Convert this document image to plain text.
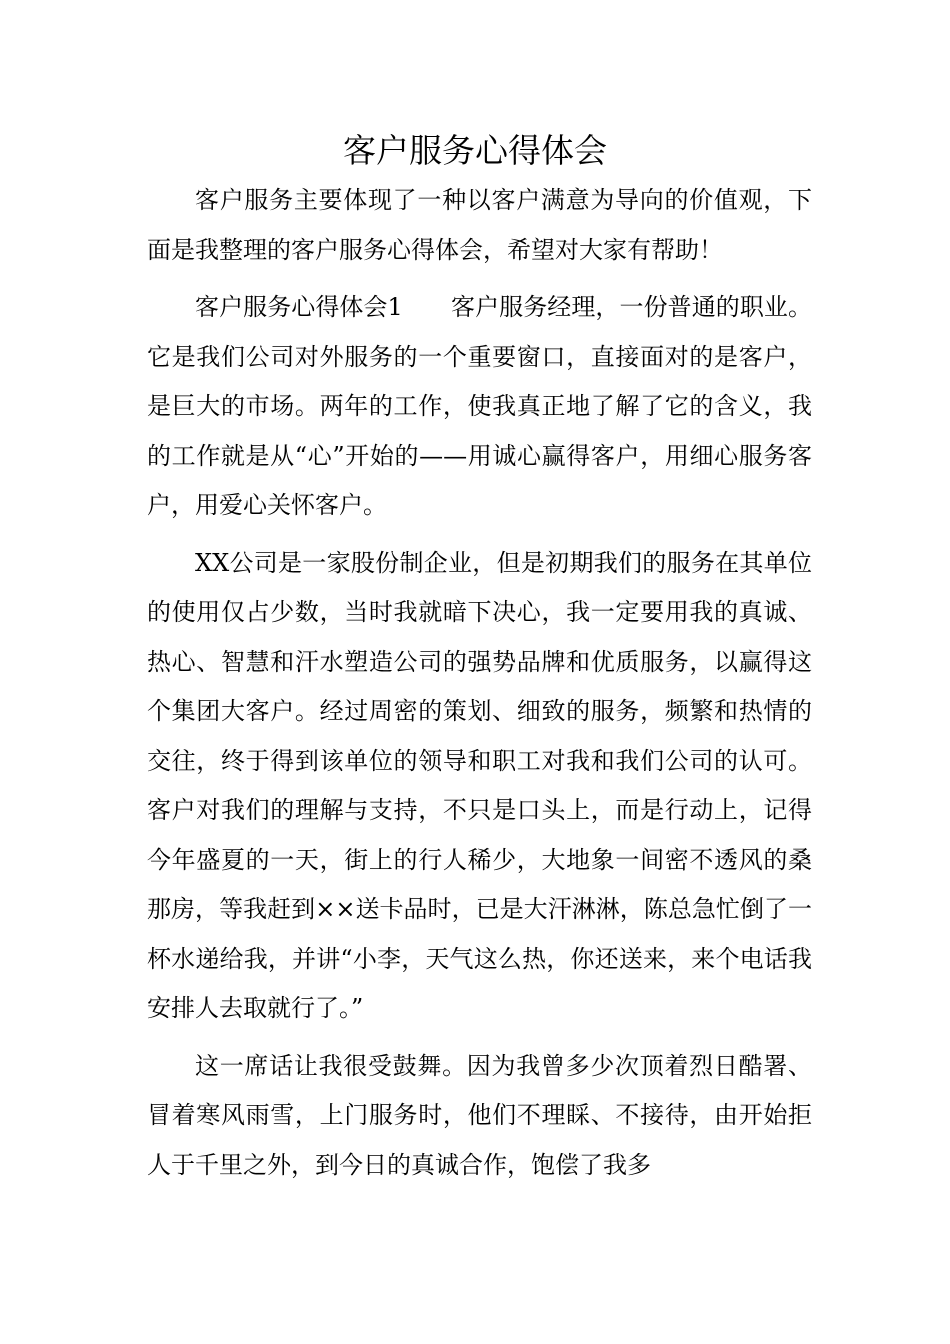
客户服务心得体会

客户服务主要体现了一种以客户满意为导向的价值观，下面是我整理的客户服务心得体会，希望对大家有帮助！

客户服务心得体会1　　客户服务经理，一份普通的职业。它是我们公司对外服务的一个重要窗口，直接面对的是客户，是巨大的市场。两年的工作，使我真正地了解了它的含义，我的工作就是从“心”开始的——用诚心赢得客户，用细心服务客户，用爱心关怀客户。

XX公司是一家股份制企业，但是初期我们的服务在其单位的使用仅占少数，当时我就暗下决心，我一定要用我的真诚、热心、智慧和汗水塑造公司的强势品牌和优质服务，以赢得这个集团大客户。经过周密的策划、细致的服务，频繁和热情的交往，终于得到该单位的领导和职工对我和我们公司的认可。客户对我们的理解与支持，不只是口头上，而是行动上，记得今年盛夏的一天，街上的行人稀少，大地象一间密不透风的桑那房，等我赶到××送卡品时，已是大汗淋淋，陈总急忙倒了一杯水递给我，并讲“小李，天气这么热，你还送来，来个电话我安排人去取就行了。”

这一席话让我很受鼓舞。因为我曾多少次顶着烈日酷署、冒着寒风雨雪，上门服务时，他们不理睬、不接待，由开始拒人于千里之外，到今日的真诚合作，饱偿了我多
